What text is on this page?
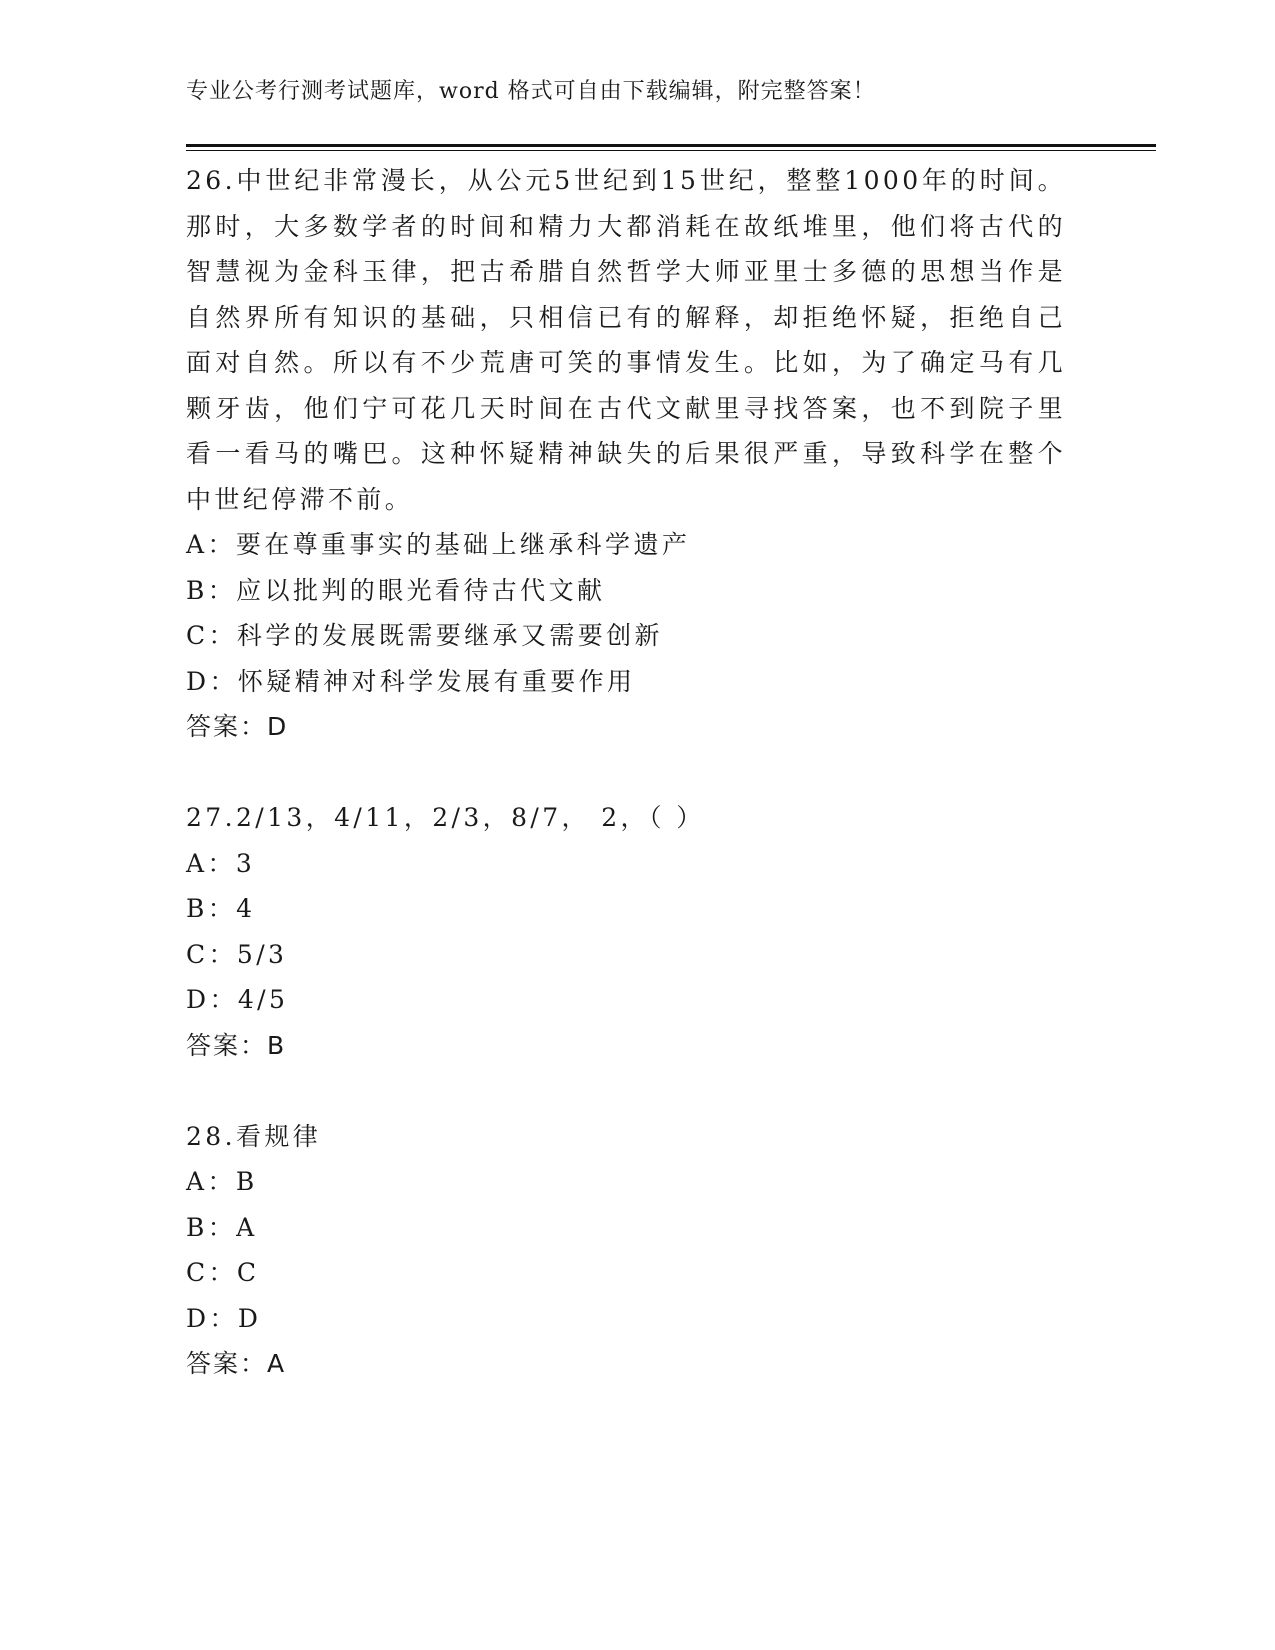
专业公考行测考试题库，word 格式可自由下载编辑，附完整答案！

26.中世纪非常漫长，从公元5世纪到15世纪，整整1000年的时间。那时，大多数学者的时间和精力大都消耗在故纸堆里，他们将古代的智慧视为金科玉律，把古希腊自然哲学大师亚里士多德的思想当作是自然界所有知识的基础，只相信已有的解释，却拒绝怀疑，拒绝自己面对自然。所以有不少荒唐可笑的事情发生。比如，为了确定马有几颗牙齿，他们宁可花几天时间在古代文献里寻找答案，也不到院子里看一看马的嘴巴。这种怀疑精神缺失的后果很严重，导致科学在整个中世纪停滞不前。

A：要在尊重事实的基础上继承科学遗产

B：应以批判的眼光看待古代文献

C：科学的发展既需要继承又需要创新

D：怀疑精神对科学发展有重要作用

答案：D

27.2/13，4/11，2/3，8/7， 2，（ ）

A：3

B：4

C：5/3

D：4/5

答案：B

28.看规律

A：B

B：A

C：C

D：D

答案：A
